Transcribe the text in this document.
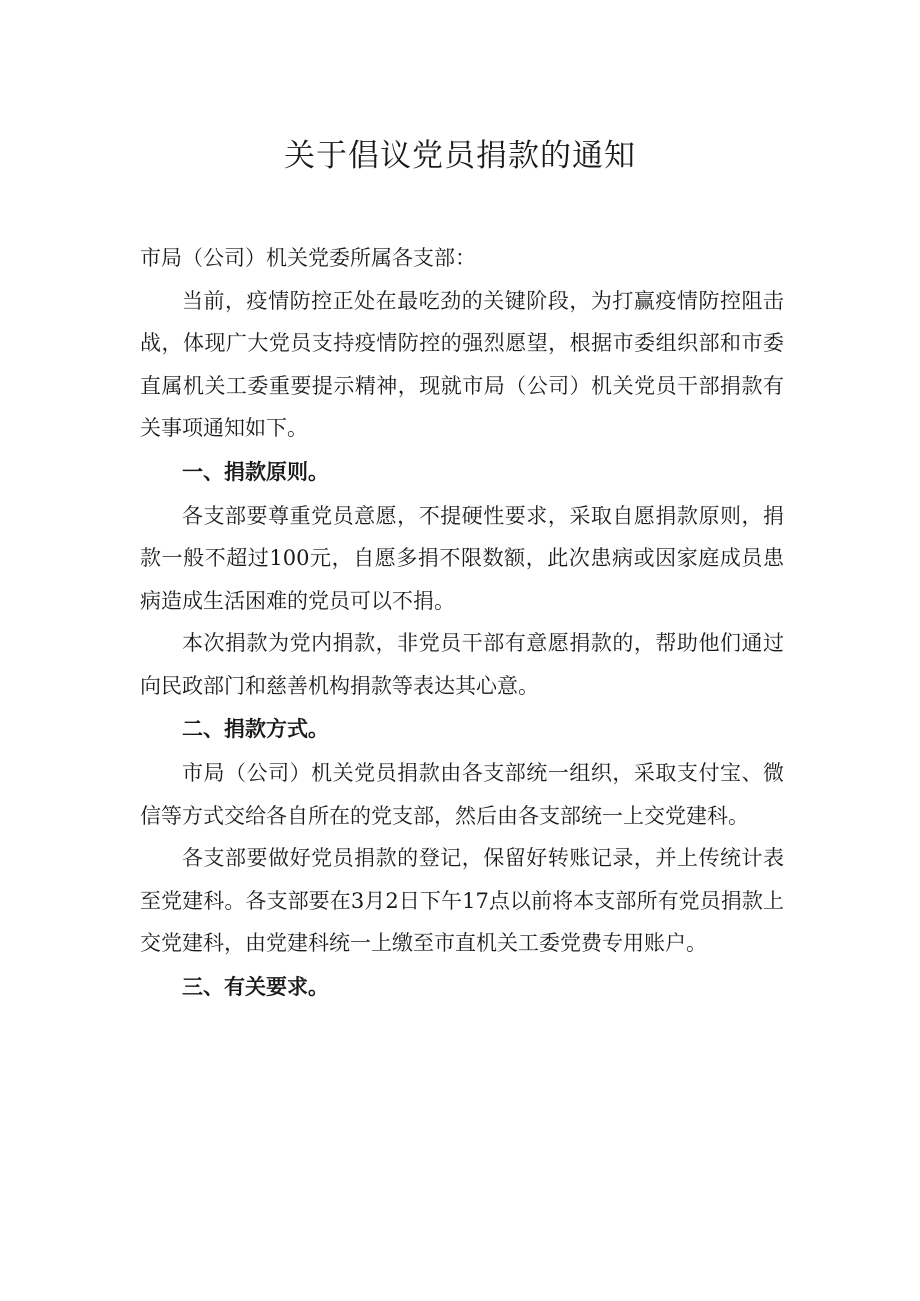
关于倡议党员捐款的通知

市局（公司）机关党委所属各支部：

当前，疫情防控正处在最吃劲的关键阶段，为打赢疫情防控阻击战，体现广大党员支持疫情防控的强烈愿望，根据市委组织部和市委直属机关工委重要提示精神，现就市局（公司）机关党员干部捐款有关事项通知如下。

一、捐款原则。

各支部要尊重党员意愿，不提硬性要求，采取自愿捐款原则，捐款一般不超过100元，自愿多捐不限数额，此次患病或因家庭成员患病造成生活困难的党员可以不捐。

本次捐款为党内捐款，非党员干部有意愿捐款的，帮助他们通过向民政部门和慈善机构捐款等表达其心意。

二、捐款方式。

市局（公司）机关党员捐款由各支部统一组织，采取支付宝、微信等方式交给各自所在的党支部，然后由各支部统一上交党建科。

各支部要做好党员捐款的登记，保留好转账记录，并上传统计表至党建科。各支部要在3月2日下午17点以前将本支部所有党员捐款上交党建科，由党建科统一上缴至市直机关工委党费专用账户。

三、有关要求。
